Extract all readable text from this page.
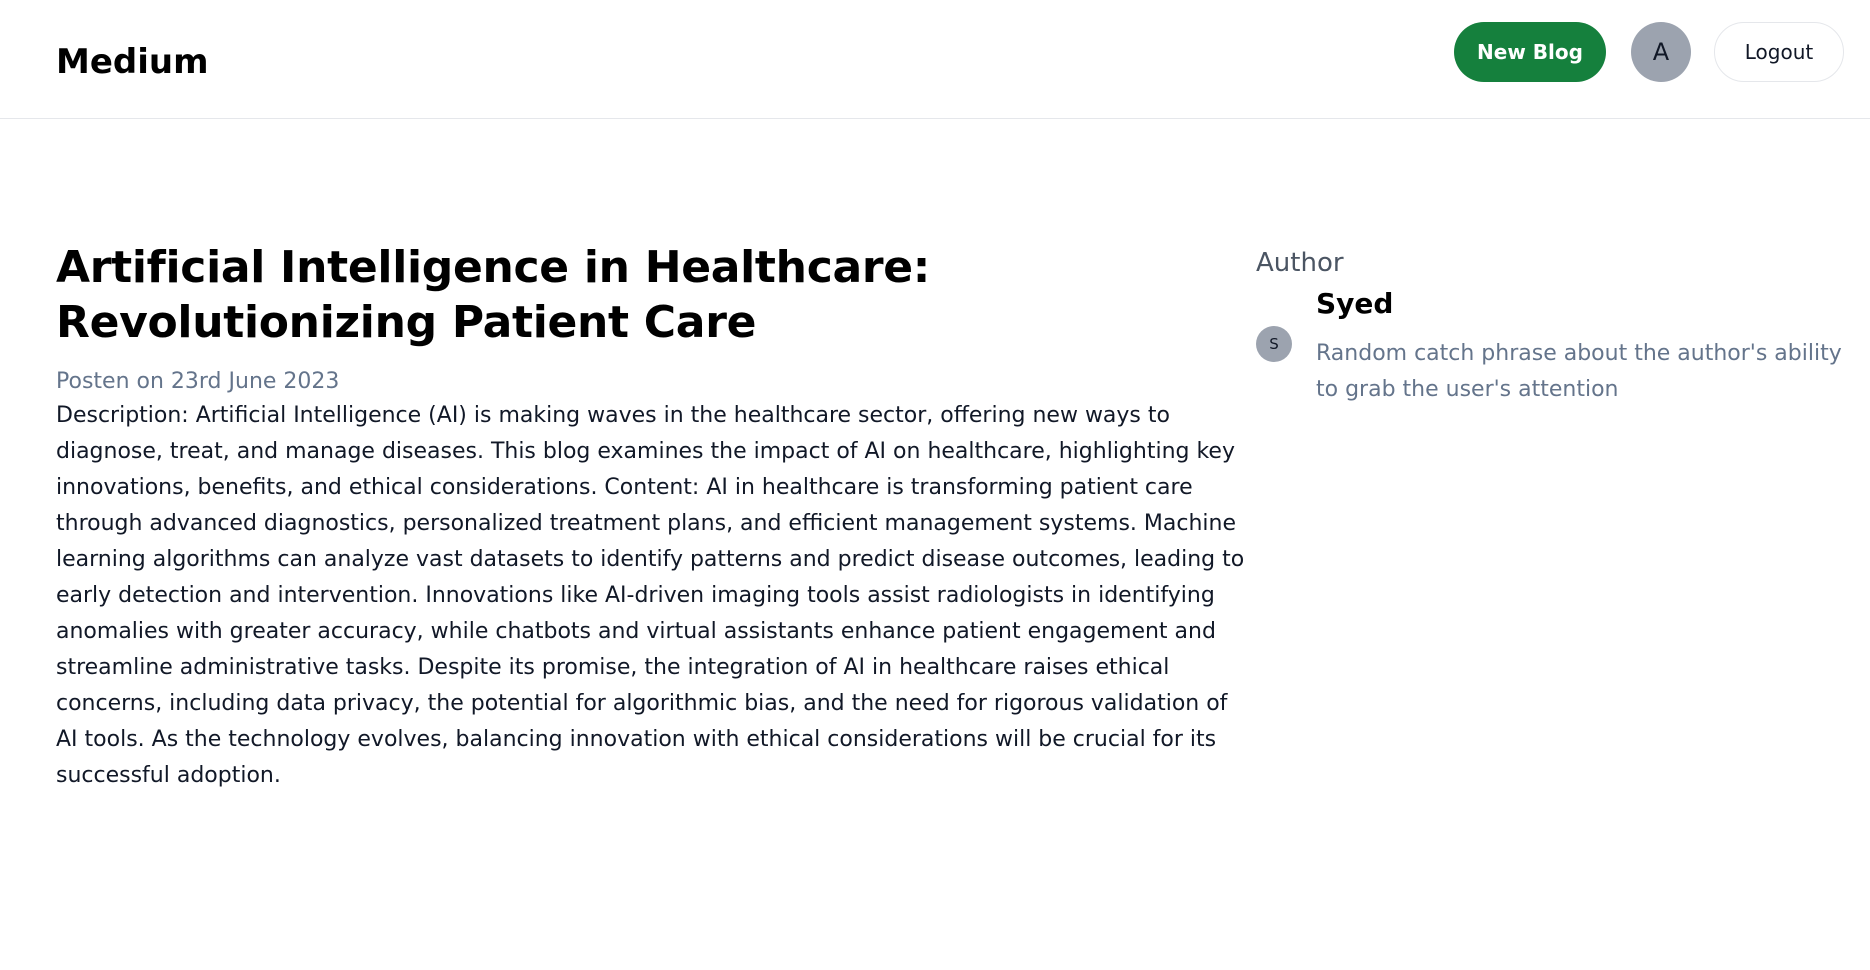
Medium	New Blog	A	Logout
Artificial Intelligence in Healthcare: Revolutionizing Patient Care
Posten on 23rd June 2023

Description: Artificial Intelligence (AI) is making waves in the healthcare sector, offering new ways to diagnose, treat, and manage diseases. This blog examines the impact of AI on healthcare, highlighting key innovations, benefits, and ethical considerations. Content: AI in healthcare is transforming patient care through advanced diagnostics, personalized treatment plans, and efficient management systems. Machine learning algorithms can analyze vast datasets to identify patterns and predict disease outcomes, leading to early detection and intervention. Innovations like AI-driven imaging tools assist radiologists in identifying anomalies with greater accuracy, while chatbots and virtual assistants enhance patient engagement and streamline administrative tasks. Despite its promise, the integration of AI in healthcare raises ethical concerns, including data privacy, the potential for algorithmic bias, and the need for rigorous validation of AI tools. As the technology evolves, balancing innovation with ethical considerations will be crucial for its successful adoption.

Author
S
Syed
Random catch phrase about the author's ability to grab the user's attention
